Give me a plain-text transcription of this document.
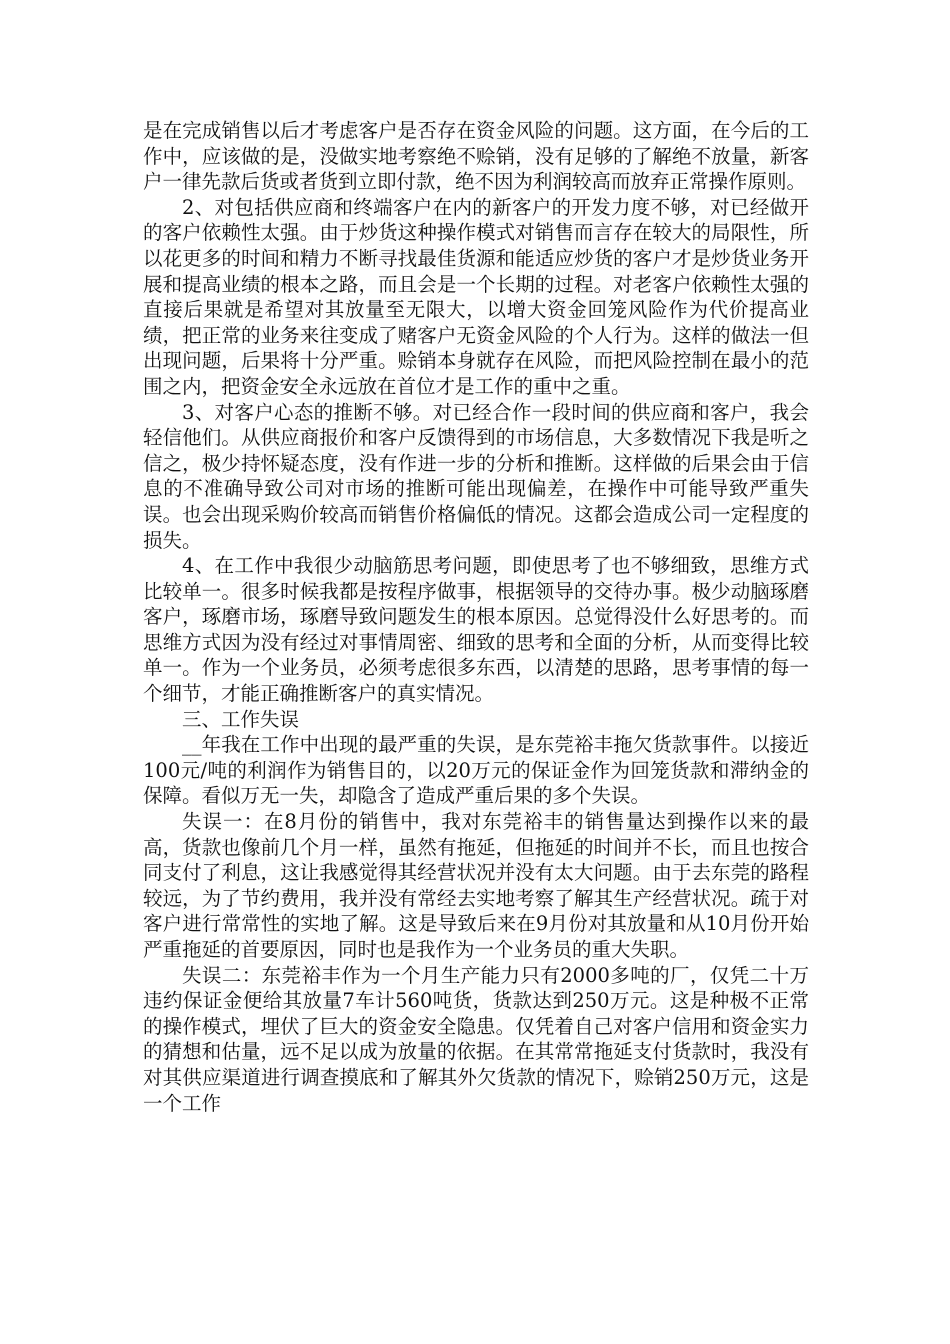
是在完成销售以后才考虑客户是否存在资金风险的问题。这方面，在今后的工作中，应该做的是，没做实地考察绝不赊销，没有足够的了解绝不放量，新客户一律先款后货或者货到立即付款，绝不因为利润较高而放弃正常操作原则。

2、对包括供应商和终端客户在内的新客户的开发力度不够，对已经做开的客户依赖性太强。由于炒货这种操作模式对销售而言存在较大的局限性，所以花更多的时间和精力不断寻找最佳货源和能适应炒货的客户才是炒货业务开展和提高业绩的根本之路，而且会是一个长期的过程。对老客户依赖性太强的直接后果就是希望对其放量至无限大，以增大资金回笼风险作为代价提高业绩，把正常的业务来往变成了赌客户无资金风险的个人行为。这样的做法一但出现问题，后果将十分严重。赊销本身就存在风险，而把风险控制在最小的范围之内，把资金安全永远放在首位才是工作的重中之重。

3、对客户心态的推断不够。对已经合作一段时间的供应商和客户，我会轻信他们。从供应商报价和客户反馈得到的市场信息，大多数情况下我是听之信之，极少持怀疑态度，没有作进一步的分析和推断。这样做的后果会由于信息的不准确导致公司对市场的推断可能出现偏差，在操作中可能导致严重失误。也会出现采购价较高而销售价格偏低的情况。这都会造成公司一定程度的损失。

4、在工作中我很少动脑筋思考问题，即使思考了也不够细致，思维方式比较单一。很多时候我都是按程序做事，根据领导的交待办事。极少动脑琢磨客户，琢磨市场，琢磨导致问题发生的根本原因。总觉得没什么好思考的。而思维方式因为没有经过对事情周密、细致的思考和全面的分析，从而变得比较单一。作为一个业务员，必须考虑很多东西，以清楚的思路，思考事情的每一个细节，才能正确推断客户的真实情况。

三、工作失误

__年我在工作中出现的最严重的失误，是东莞裕丰拖欠货款事件。以接近100元/吨的利润作为销售目的，以20万元的保证金作为回笼货款和滞纳金的保障。看似万无一失，却隐含了造成严重后果的多个失误。

失误一：在8月份的销售中，我对东莞裕丰的销售量达到操作以来的最高，货款也像前几个月一样，虽然有拖延，但拖延的时间并不长，而且也按合同支付了利息，这让我感觉得其经营状况并没有太大问题。由于去东莞的路程较远，为了节约费用，我并没有常经去实地考察了解其生产经营状况。疏于对客户进行常常性的实地了解。这是导致后来在9月份对其放量和从10月份开始严重拖延的首要原因，同时也是我作为一个业务员的重大失职。

失误二：东莞裕丰作为一个月生产能力只有2000多吨的厂，仅凭二十万违约保证金便给其放量7车计560吨货，货款达到250万元。这是种极不正常的操作模式，埋伏了巨大的资金安全隐患。仅凭着自己对客户信用和资金实力的猜想和估量，远不足以成为放量的依据。在其常常拖延支付货款时，我没有对其供应渠道进行调查摸底和了解其外欠货款的情况下，赊销250万元，这是一个工作
